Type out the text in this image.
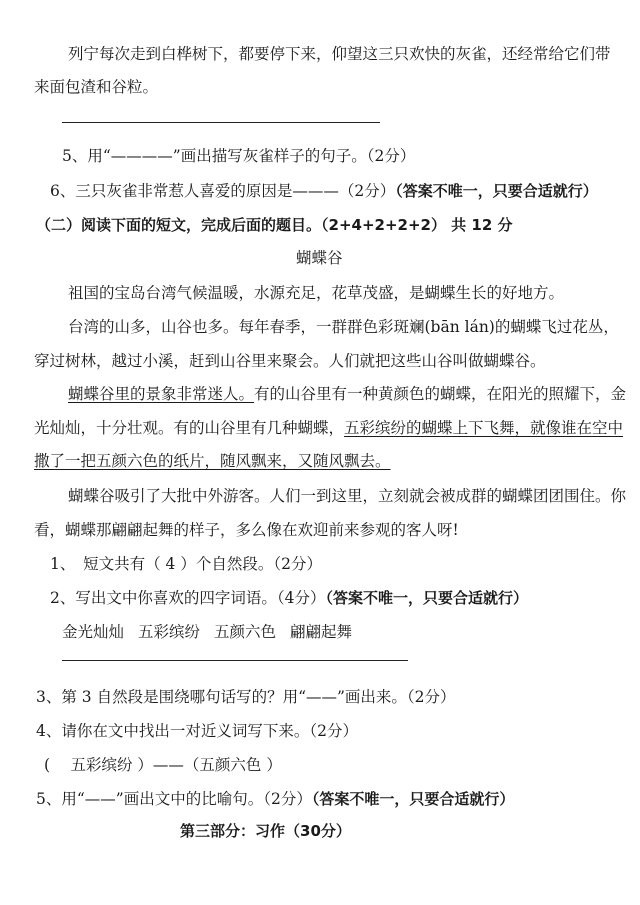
列宁每次走到白桦树下，都要停下来，仰望这三只欢快的灰雀，还经常给它们带
来面包渣和谷粒。
5、用“————”画出描写灰雀样子的句子。（2分）
6、三只灰雀非常惹人喜爱的原因是———（2分）（答案不唯一，只要合适就行）
（二）阅读下面的短文，完成后面的题目。（2+4+2+2+2） 共 12 分
蝴蝶谷
祖国的宝岛台湾气候温暖，水源充足，花草茂盛，是蝴蝶生长的好地方。
台湾的山多，山谷也多。每年春季，一群群色彩斑斓(bān lán)的蝴蝶飞过花丛，
穿过树林，越过小溪，赶到山谷里来聚会。人们就把这些山谷叫做蝴蝶谷。
蝴蝶谷里的景象非常迷人。有的山谷里有一种黄颜色的蝴蝶，在阳光的照耀下，金
光灿灿，十分壮观。有的山谷里有几种蝴蝶，五彩缤纷的蝴蝶上下飞舞，就像谁在空中
撒了一把五颜六色的纸片，随风飘来，又随风飘去。
蝴蝶谷吸引了大批中外游客。人们一到这里，立刻就会被成群的蝴蝶团团围住。你
看，蝴蝶那翩翩起舞的样子，多么像在欢迎前来参观的客人呀!
1、　短文共有（ 4 ）个自然段。（2分）
2、写出文中你喜欢的四字词语。（4分）（答案不唯一，只要合适就行）
金光灿灿 五彩缤纷 五颜六色 翩翩起舞
3、第 3 自然段是围绕哪句话写的？用“——”画出来。（2分）
4、请你在文中找出一对近义词写下来。（2分）
(　 五彩缤纷 ）——（五颜六色 ）
5、用“——”画出文中的比喻句。（2分）（答案不唯一，只要合适就行）
第三部分：习作（30分）
